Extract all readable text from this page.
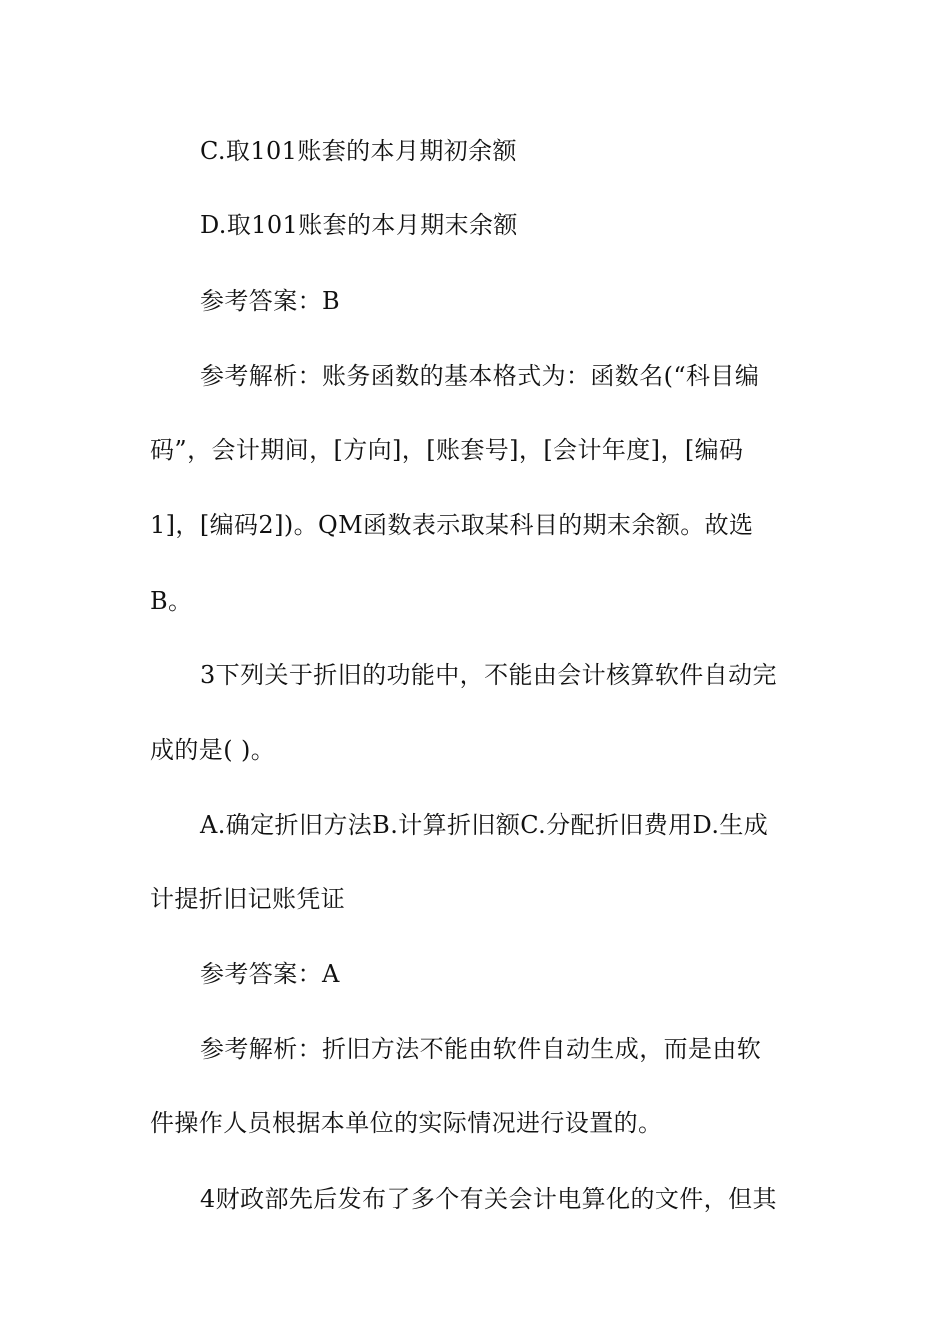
C.取101账套的本月期初余额
D.取101账套的本月期末余额
参考答案：B
参考解析：账务函数的基本格式为：函数名(“科目编
码”，会计期间，[方向]，[账套号]，[会计年度]，[编码
1]，[编码2])。QM函数表示取某科目的期末余额。故选
B。
3下列关于折旧的功能中，不能由会计核算软件自动完
成的是( )。
A.确定折旧方法B.计算折旧额C.分配折旧费用D.生成
计提折旧记账凭证
参考答案：A
参考解析：折旧方法不能由软件自动生成，而是由软
件操作人员根据本单位的实际情况进行设置的。
4财政部先后发布了多个有关会计电算化的文件，但其
